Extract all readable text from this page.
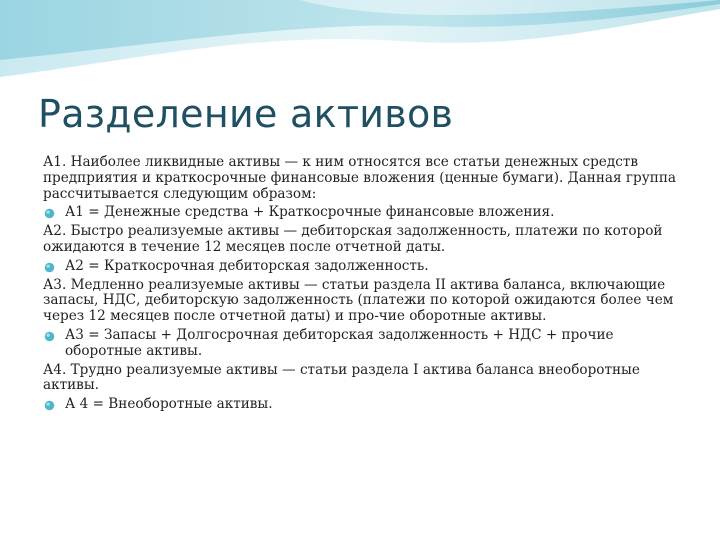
Разделение активов

А1. Наиболее ликвидные активы — к ним относятся все статьи денежных средств предприятия и краткосрочные финансовые вложения (ценные бумаги). Данная группа рассчитывается следующим образом:

А1 = Денежные средства + Краткосрочные финансовые вложения.

А2. Быстро реализуемые активы — дебиторская задолженность, платежи по которой ожидаются в течение 12 месяцев после отчетной даты.

А2 = Краткосрочная дебиторская задолженность.

А3. Медленно реализуемые активы — статьи раздела II актива баланса, включающие запасы, НДС, дебиторскую задолженность (платежи по которой ожидаются более чем через 12 месяцев после отчетной даты) и про-чие оборотные активы.

А3 = Запасы + Долгосрочная дебиторская задолженность + НДС + прочие оборотные активы.

А4. Трудно реализуемые активы — статьи раздела I актива баланса внеоборотные активы.

А 4 = Внеоборотные активы.
